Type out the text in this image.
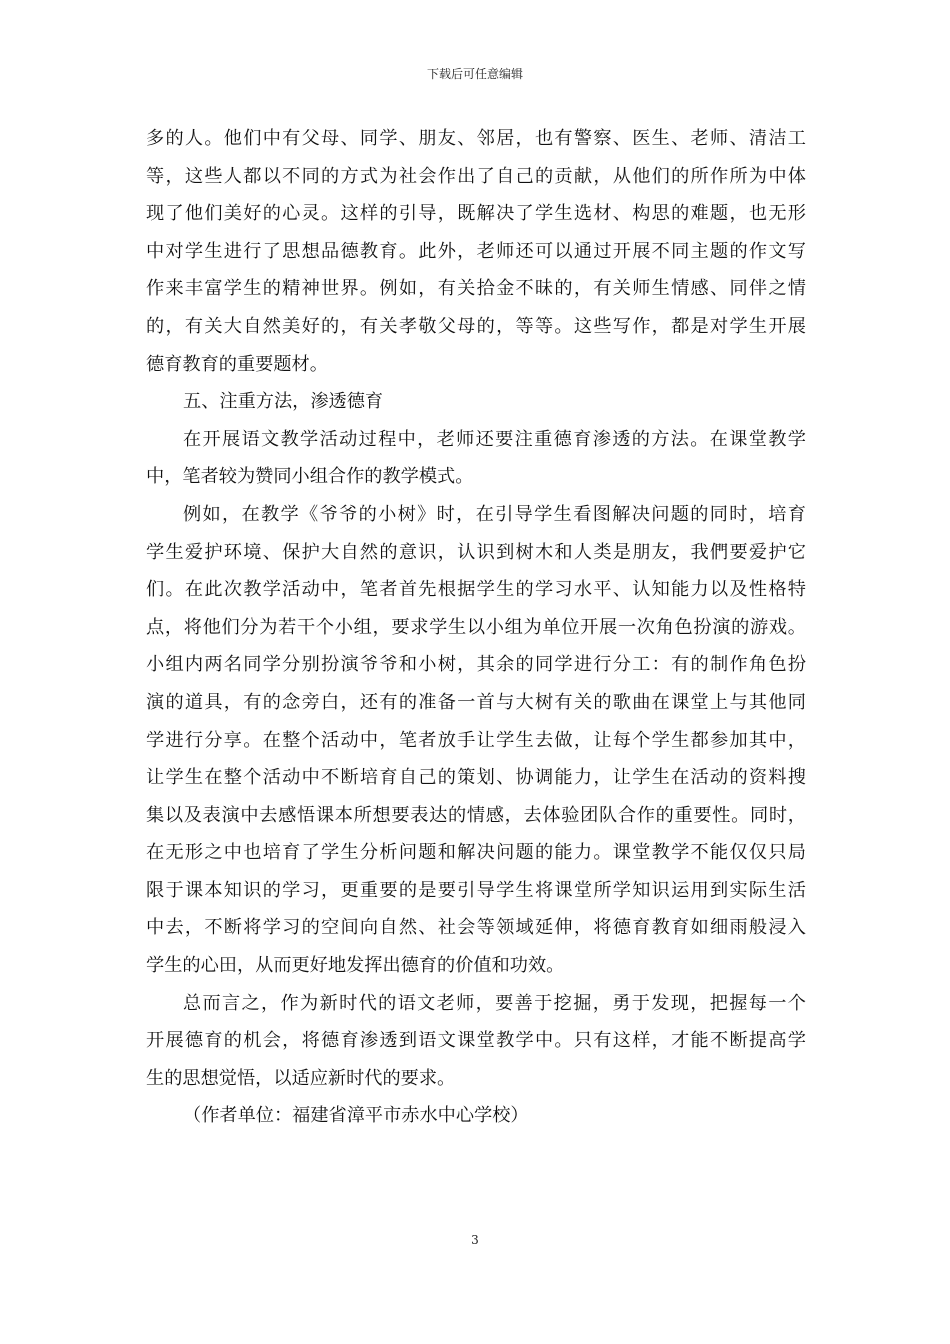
下载后可任意编辑
多的人。他们中有父母、同学、朋友、邻居，也有警察、医生、老师、清洁工
等，这些人都以不同的方式为社会作出了自己的贡献，从他们的所作所为中体
现了他们美好的心灵。这样的引导，既解决了学生选材、构思的难题，也无形
中对学生进行了思想品德教育。此外，老师还可以通过开展不同主题的作文写
作来丰富学生的精神世界。例如，有关拾金不昧的，有关师生情感、同伴之情
的，有关大自然美好的，有关孝敬父母的，等等。这些写作，都是对学生开展
德育教育的重要题材。
五、注重方法，渗透德育
在开展语文教学活动过程中，老师还要注重德育渗透的方法。在课堂教学
中，笔者较为赞同小组合作的教学模式。
例如，在教学《爷爷的小树》时，在引导学生看图解决问题的同时，培育
学生爱护环境、保护大自然的意识，认识到树木和人类是朋友，我們要爱护它
们。在此次教学活动中，笔者首先根据学生的学习水平、认知能力以及性格特
点，将他们分为若干个小组，要求学生以小组为单位开展一次角色扮演的游戏。
小组内两名同学分别扮演爷爷和小树，其余的同学进行分工：有的制作角色扮
演的道具，有的念旁白，还有的准备一首与大树有关的歌曲在课堂上与其他同
学进行分享。在整个活动中，笔者放手让学生去做，让每个学生都参加其中，
让学生在整个活动中不断培育自己的策划、协调能力，让学生在活动的资料搜
集以及表演中去感悟课本所想要表达的情感，去体验团队合作的重要性。同时，
在无形之中也培育了学生分析问题和解决问题的能力。课堂教学不能仅仅只局
限于课本知识的学习，更重要的是要引导学生将课堂所学知识运用到实际生活
中去，不断将学习的空间向自然、社会等领域延伸，将德育教育如细雨般浸入
学生的心田，从而更好地发挥出德育的价值和功效。
总而言之，作为新时代的语文老师，要善于挖掘，勇于发现，把握每一个
开展德育的机会，将德育渗透到语文课堂教学中。只有这样，才能不断提高学
生的思想觉悟，以适应新时代的要求。
（作者单位：福建省漳平市赤水中心学校）
3
